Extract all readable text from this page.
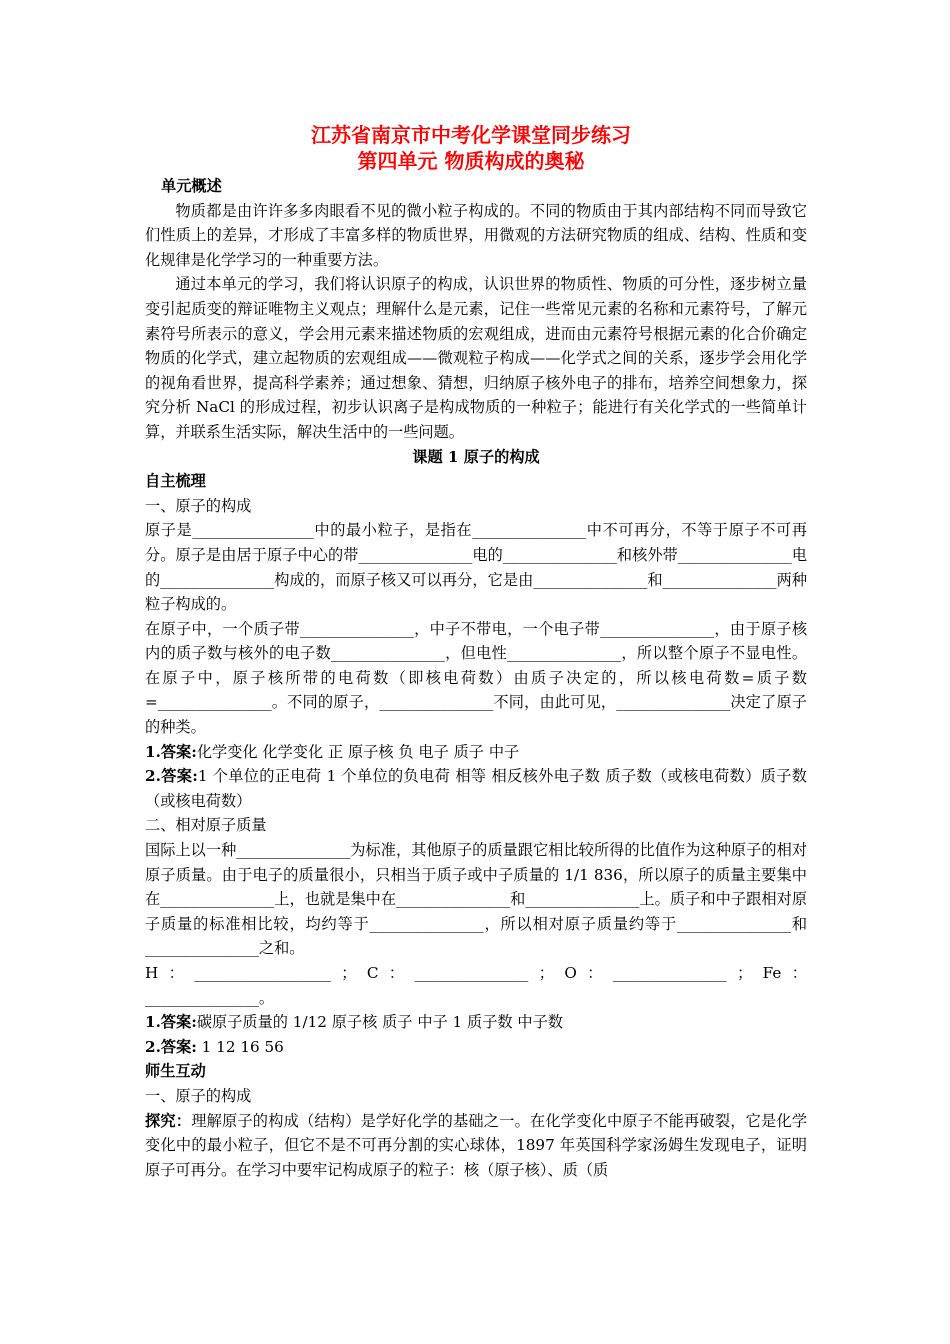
江苏省南京市中考化学课堂同步练习
第四单元 物质构成的奥秘
单元概述

物质都是由许许多多肉眼看不见的微小粒子构成的。不同的物质由于其内部结构不同而导致它们性质上的差异，才形成了丰富多样的物质世界，用微观的方法研究物质的组成、结构、性质和变化规律是化学学习的一种重要方法。

通过本单元的学习，我们将认识原子的构成，认识世界的物质性、物质的可分性，逐步树立量变引起质变的辩证唯物主义观点；理解什么是元素，记住一些常见元素的名称和元素符号，了解元素符号所表示的意义，学会用元素来描述物质的宏观组成，进而由元素符号根据元素的化合价确定物质的化学式，建立起物质的宏观组成——微观粒子构成——化学式之间的关系，逐步学会用化学的视角看世界，提高科学素养；通过想象、猜想，归纳原子核外电子的排布，培养空间想象力，探究分析 NaCl 的形成过程，初步认识离子是构成物质的一种粒子；能进行有关化学式的一些简单计算，并联系生活实际，解决生活中的一些问题。

课题 1 原子的构成
自主梳理
一、原子的构成

原子是________________中的最小粒子，是指在_______________中不可再分，不等于原子不可再分。原子是由居于原子中心的带_______________电的_______________和核外带_______________电的_______________构成的，而原子核又可以再分，它是由_______________和_______________两种粒子构成的。

在原子中，一个质子带_______________，中子不带电，一个电子带_______________，由于原子核内的质子数与核外的电子数_______________，但电性_______________，所以整个原子不显电性。在原子中，原子核所带的电荷数（即核电荷数）由质子决定的，所以核电荷数=质子数=_______________。不同的原子，_______________不同，由此可见，_______________决定了原子的种类。

1.答案:化学变化 化学变化 正 原子核 负 电子 质子 中子

2.答案:1 个单位的正电荷 1 个单位的负电荷 相等 相反核外电子数 质子数（或核电荷数）质子数（或核电荷数）

二、相对原子质量

国际上以一种_______________为标准，其他原子的质量跟它相比较所得的比值作为这种原子的相对原子质量。由于电子的质量很小，只相当于质子或中子质量的 1/1 836，所以原子的质量主要集中在_______________上，也就是集中在_______________和_______________上。质子和中子跟相对原子质量的标准相比较，均约等于_______________，所以相对原子质量约等于_______________和_______________之和。

H ： __________________ ； C ： _______________ ； O ： _______________ ； Fe ：
_______________。

1.答案:碳原子质量的 1/12 原子核 质子 中子 1 质子数 中子数

2.答案: 1 12 16 56

师生互动
一、原子的构成

探究：理解原子的构成（结构）是学好化学的基础之一。在化学变化中原子不能再破裂，它是化学变化中的最小粒子，但它不是不可再分割的实心球体，1897 年英国科学家汤姆生发现电子，证明原子可再分。在学习中要牢记构成原子的粒子：核（原子核）、质（质
